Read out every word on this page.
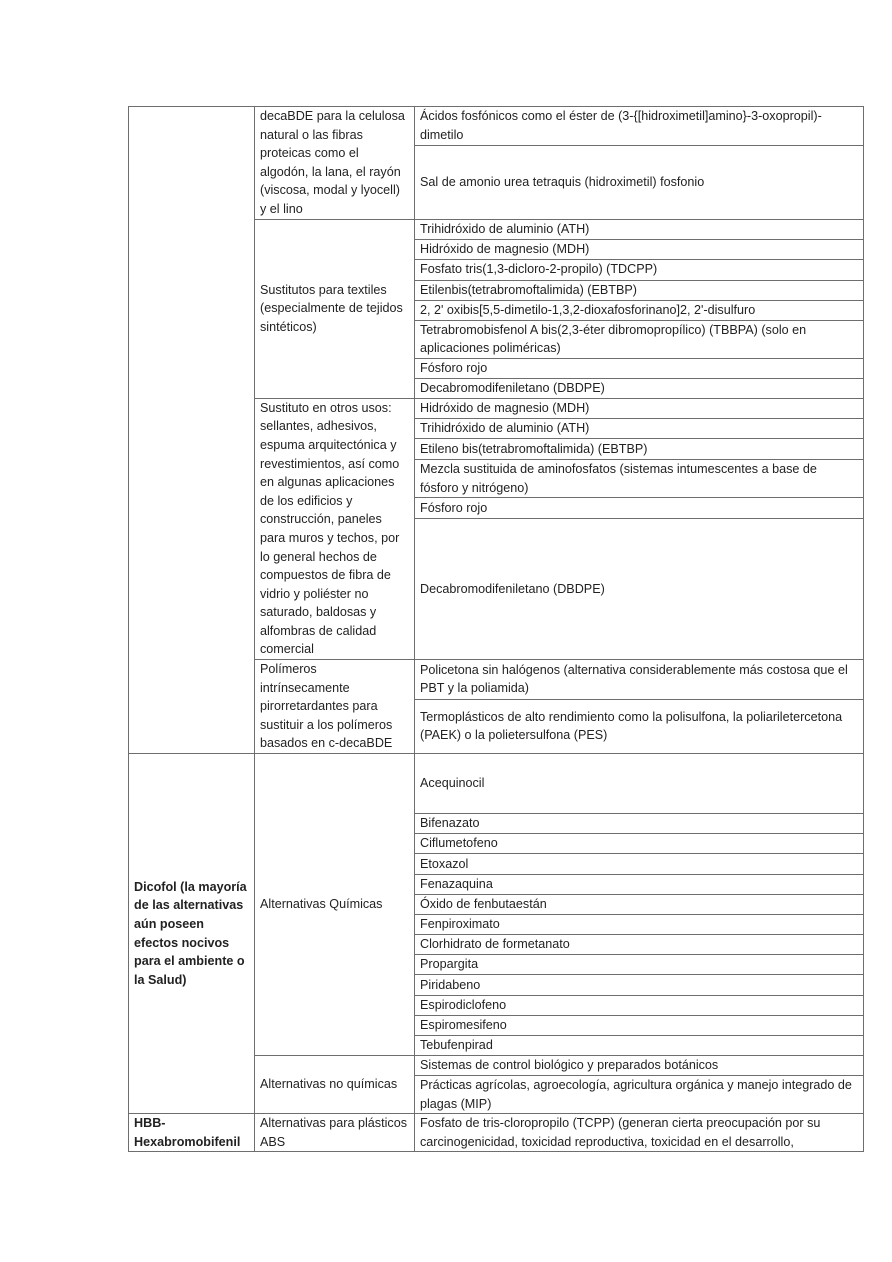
	decaBDE para la celulosa natural o las fibras proteicas como el algodón, la lana, el rayón (viscosa, modal y lyocell) y el lino	Ácidos fosfónicos como el éster de (3-{[hidroximetil]amino}-3-oxopropil)-dimetilo
		Sal de amonio urea tetraquis (hidroximetil) fosfonio
	Sustitutos para textiles (especialmente de tejidos sintéticos)	Trihidróxido de aluminio (ATH)
		Hidróxido de magnesio (MDH)
		Fosfato tris(1,3-dicloro-2-propilo) (TDCPP)
		Etilenbis(tetrabromoftalimida) (EBTBP)
		2, 2' oxibis[5,5-dimetilo-1,3,2-dioxafosforinano]2, 2'-disulfuro
		Tetrabromobisfenol A bis(2,3-éter dibromopropílico) (TBBPA) (solo en aplicaciones poliméricas)
		Fósforo rojo
		Decabromodifeniletano (DBDPE)
	Sustituto en otros usos: sellantes, adhesivos, espuma arquitectónica y revestimientos, así como en algunas aplicaciones de los edificios y construcción, paneles para muros y techos, por lo general hechos de compuestos de fibra de vidrio y poliéster no saturado, baldosas y alfombras de calidad comercial	Hidróxido de magnesio (MDH)
		Trihidróxido de aluminio (ATH)
		Etileno bis(tetrabromoftalimida) (EBTBP)
		Mezcla sustituida de aminofosfatos (sistemas intumescentes a base de fósforo y nitrógeno)
		Fósforo rojo
		Decabromodifeniletano (DBDPE)
	Polímeros intrínsecamente pirorretardantes para sustituir a los polímeros basados en c-decaBDE	Policetona sin halógenos (alternativa considerablemente más costosa que el PBT y la poliamida)
		Termoplásticos de alto rendimiento como la polisulfona, la poliariletercetona (PAEK) o la polietersulfona (PES)
Dicofol (la mayoría de las alternativas aún poseen efectos nocivos para el ambiente o la Salud)	Alternativas Químicas	Acequinocil
		Bifenazato
		Ciflumetofeno
		Etoxazol
		Fenazaquina
		Óxido de fenbutaestán
		Fenpiroximato
		Clorhidrato de formetanato
		Propargita
		Piridabeno
		Espirodiclofeno
		Espiromesifeno
		Tebufenpirad
	Alternativas no químicas	Sistemas de control biológico y preparados botánicos
		Prácticas agrícolas, agroecología, agricultura orgánica y manejo integrado de plagas (MIP)
HBB-Hexabromobifenil	Alternativas para plásticos ABS	Fosfato de tris-cloropropilo (TCPP) (generan cierta preocupación por su carcinogenicidad, toxicidad reproductiva, toxicidad en el desarrollo,
